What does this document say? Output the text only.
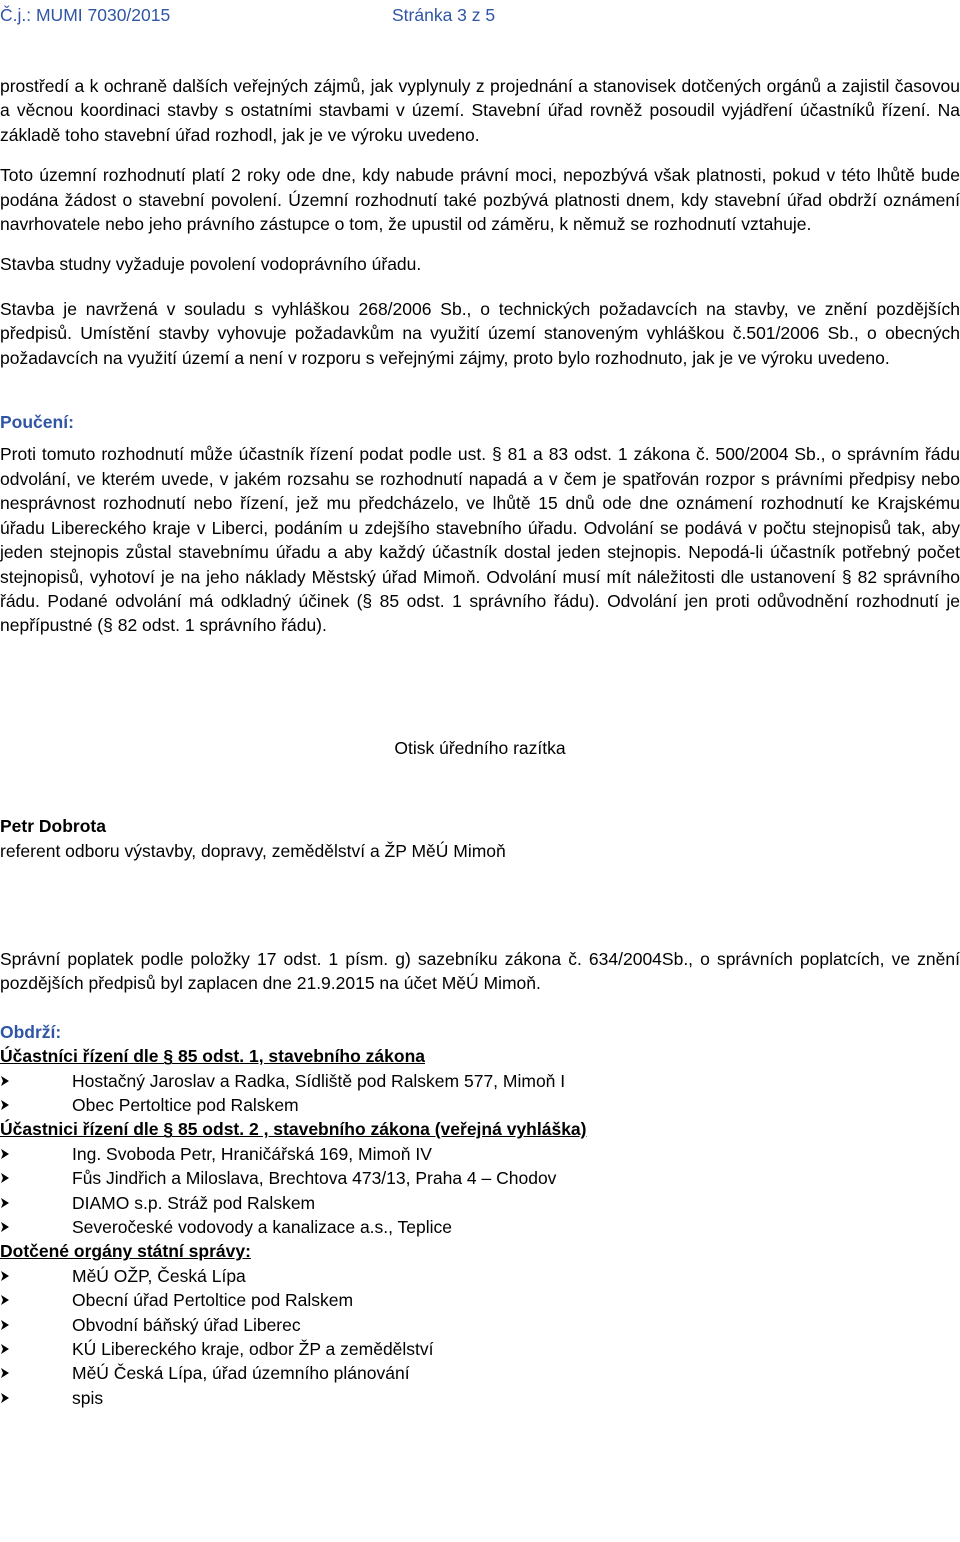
Č.j.: MUMI 7030/2015	Stránka 3 z 5

prostředí a k ochraně dalších veřejných zájmů, jak vyplynuly z projednání a stanovisek dotčených orgánů a zajistil časovou a věcnou koordinaci stavby s ostatními stavbami v území. Stavební úřad rovněž posoudil vyjádření účastníků řízení. Na základě toho stavební úřad rozhodl, jak je ve výroku uvedeno.

Toto územní rozhodnutí platí 2 roky ode dne, kdy nabude právní moci, nepozbývá však platnosti, pokud v této lhůtě bude podána žádost o stavební povolení. Územní rozhodnutí také pozbývá platnosti dnem, kdy stavební úřad obdrží oznámení navrhovatele nebo jeho právního zástupce o tom, že upustil od záměru, k němuž se rozhodnutí vztahuje.

Stavba studny vyžaduje povolení vodoprávního úřadu.

Stavba je navržená v souladu s vyhláškou 268/2006 Sb., o technických požadavcích na stavby, ve znění pozdějších předpisů. Umístění stavby vyhovuje požadavkům na využití území stanoveným vyhláškou č.501/2006 Sb., o obecných požadavcích na využití území a není v rozporu s veřejnými zájmy, proto bylo rozhodnuto, jak je ve výroku uvedeno.

Poučení:

Proti tomuto rozhodnutí může účastník řízení podat podle ust. § 81 a 83 odst. 1 zákona č. 500/2004 Sb., o správním řádu odvolání, ve kterém uvede, v jakém rozsahu se rozhodnutí napadá a v čem je spatřován rozpor s právními předpisy nebo nesprávnost rozhodnutí nebo řízení, jež mu předcházelo, ve lhůtě 15 dnů ode dne oznámení rozhodnutí ke Krajskému úřadu Libereckého kraje v Liberci, podáním u zdejšího stavebního úřadu. Odvolání se podává v počtu stejnopisů tak, aby jeden stejnopis zůstal stavebnímu úřadu a aby každý účastník dostal jeden stejnopis. Nepodá-li účastník potřebný počet stejnopisů, vyhotoví je na jeho náklady Městský úřad Mimoň. Odvolání musí mít náležitosti dle ustanovení § 82 správního řádu. Podané odvolání má odkladný účinek (§ 85 odst. 1 správního řádu). Odvolání jen proti odůvodnění rozhodnutí je nepřípustné (§ 82 odst. 1 správního řádu).

Otisk úředního razítka

Petr Dobrota

referent odboru výstavby, dopravy, zemědělství a ŽP MěÚ Mimoň

Správní poplatek podle položky 17 odst. 1 písm. g) sazebníku zákona č. 634/2004Sb., o správních poplatcích, ve znění pozdějších předpisů byl zaplacen dne 21.9.2015 na účet MěÚ Mimoň.

Obdrží:

Účastníci řízení dle § 85 odst. 1, stavebního zákona

Hostačný Jaroslav a Radka, Sídliště pod Ralskem 577, Mimoň I
Obec Pertoltice pod Ralskem

Účastnici řízení dle § 85 odst. 2 , stavebního zákona (veřejná vyhláška)

Ing. Svoboda Petr, Hraničářská 169, Mimoň IV
Fůs Jindřich a Miloslava, Brechtova 473/13, Praha 4 – Chodov
DIAMO s.p. Stráž pod Ralskem
Severočeské vodovody a kanalizace a.s., Teplice

Dotčené orgány státní správy:

MěÚ OŽP, Česká Lípa
Obecní úřad Pertoltice pod Ralskem
Obvodní báňský úřad Liberec
KÚ Libereckého kraje, odbor ŽP a zemědělství
MěÚ Česká Lípa, úřad územního plánování
spis
